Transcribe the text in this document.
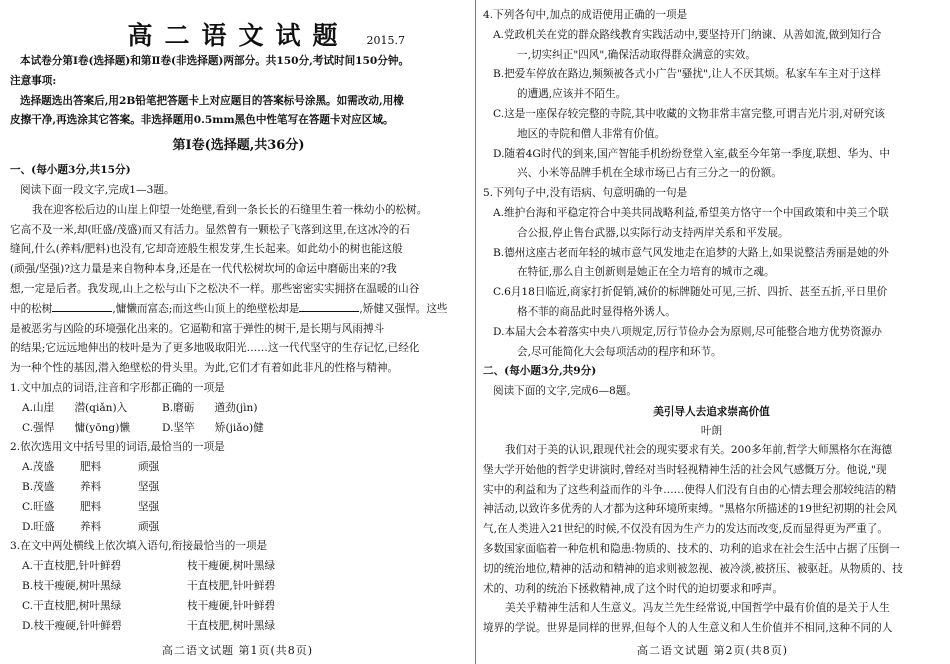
高二语文试题	2015.7
本试卷分第Ⅰ卷(选择题)和第Ⅱ卷(非选择题)两部分。共150分,考试时间150分钟。
注意事项:
选择题选出答案后,用2B铅笔把答题卡上对应题目的答案标号涂黑。如需改动,用橡
皮擦干净,再选涂其它答案。非选择题用0.5mm黑色中性笔写在答题卡对应区域。
第Ⅰ卷(选择题,共36分)
一、(每小题3分,共15分)
阅读下面一段文字,完成1—3题。
我在迎客松后边的山崖上仰望一处绝壁,看到一条长长的石缝里生着一株幼小的松树。
它高不及一米,却(旺盛/茂盛)而又有活力。显然曾有一颗松子飞落到这里,在这冰冷的石
缝间,什么(养料/肥料)也没有,它却奇迹般生根发芽,生长起来。如此幼小的树也能这般
(顽强/坚强)?这力量是来自物种本身,还是在一代代松树坎坷的命运中磨砺出来的?我
想,一定是后者。我发现,山上之松与山下之松决不一样。那些密密实实拥挤在温暖的山谷
中的松树	,慵懒而富态;而这些山顶上的绝壁松却是	,矫健又强悍。这些
是被恶劣与凶险的环境强化出来的。它逼勒和富于弹性的树干,是长期与风雨搏斗
的结果;它远远地伸出的枝叶是为了更多地吸取阳光……这一代代坚守的生存记忆,已经化
为一种个性的基因,潜入绝壁松的骨头里。为此,它们才有着如此非凡的性格与精神。
1.文中加点的词语,注音和字形都正确的一项是
A.山崖 潜(qiǎn)入	B.磨砺 遒劲(jìn)
C.强悍 慵(yōng)懒	D.坚竿 矫(jiǎo)健
2.依次选用文中括号里的词语,最恰当的一项是
A.茂盛	肥料	顽强
B.茂盛	养料	坚强
C.旺盛	肥料	坚强
D.旺盛	养料	顽强
3.在文中两处横线上依次填入语句,衔接最恰当的一项是
A.干直枝肥,针叶鲜碧	枝干瘦硬,树叶黑绿
B.枝干瘦硬,树叶黑绿	干直枝肥,针叶鲜碧
C.干直枝肥,树叶黑绿	枝干瘦硬,针叶鲜碧
D.枝干瘦硬,针叶鲜碧	干直枝肥,树叶黑绿
高二语文试题 第1页(共8页)
4.下列各句中,加点的成语使用正确的一项是
A.党政机关在党的群众路线教育实践活动中,要坚持开门纳谏、从善如流,做到知行合
一,切实纠正"四风",确保活动取得群众满意的实效。
B.把爱车停放在路边,频频被各式小广告"骚扰",让人不厌其烦。私家车车主对于这样
的遭遇,应该并不陌生。
C.这是一座保存较完整的寺院,其中收藏的文物非常丰富完整,可谓吉光片羽,对研究该
地区的寺院和僧人非常有价值。
D.随着4G时代的到来,国产智能手机纷纷登堂入室,截至今年第一季度,联想、华为、中
兴、小米等品牌手机在全球市场已占有三分之一的份额。
5.下列句子中,没有语病、句意明确的一句是
A.维护台海和平稳定符合中美共同战略利益,希望美方恪守一个中国政策和中美三个联
合公报,停止售台武器,以实际行动支持两岸关系和平发展。
B.德州这座古老而年轻的城市意气风发地走在追梦的大路上,如果说整洁秀丽是她的外
在特征,那么自主创新则是她正在全力培育的城市之魂。
C.6月18日临近,商家打折促销,减价的标牌随处可见,三折、四折、甚至五折,平日里价
格不菲的商品此时显得格外诱人。
D.本届大会本着落实中央八项规定,厉行节俭办会为原则,尽可能整合地方优势资源办
会,尽可能简化大会每项活动的程序和环节。
二、(每小题3分,共9分)
阅读下面的文字,完成6—8题。
美引导人去追求崇高价值
叶朗
我们对于美的认识,跟现代社会的现实要求有关。200多年前,哲学大师黑格尔在海德
堡大学开始他的哲学史讲演时,曾经对当时轻视精神生活的社会风气感慨万分。他说,"现
实中的利益和为了这些利益而作的斗争……使得人们没有自由的心情去理会那较纯洁的精
神活动,以致许多优秀的人才都为这种环境所束缚。"黑格尔所描述的19世纪初期的社会风
气,在人类进入21世纪的时候,不仅没有因为生产力的发达而改变,反而显得更为严重了。
多数国家面临着一种危机和隐患:物质的、技术的、功利的追求在社会生活中占据了压倒一
切的统治地位,精神的活动和精神的追求则被忽视、被冷淡,被挤压、被驱赶。从物质的、技
术的、功利的统治下拯救精神,成了这个时代的迫切要求和呼声。
美关乎精神生活和人生意义。冯友兰先生经常说,中国哲学中最有价值的是关于人生
境界的学说。世界是同样的世界,但每个人的人生意义和人生价值并不相同,这种不同的人
高二语文试题 第2页(共8页)
